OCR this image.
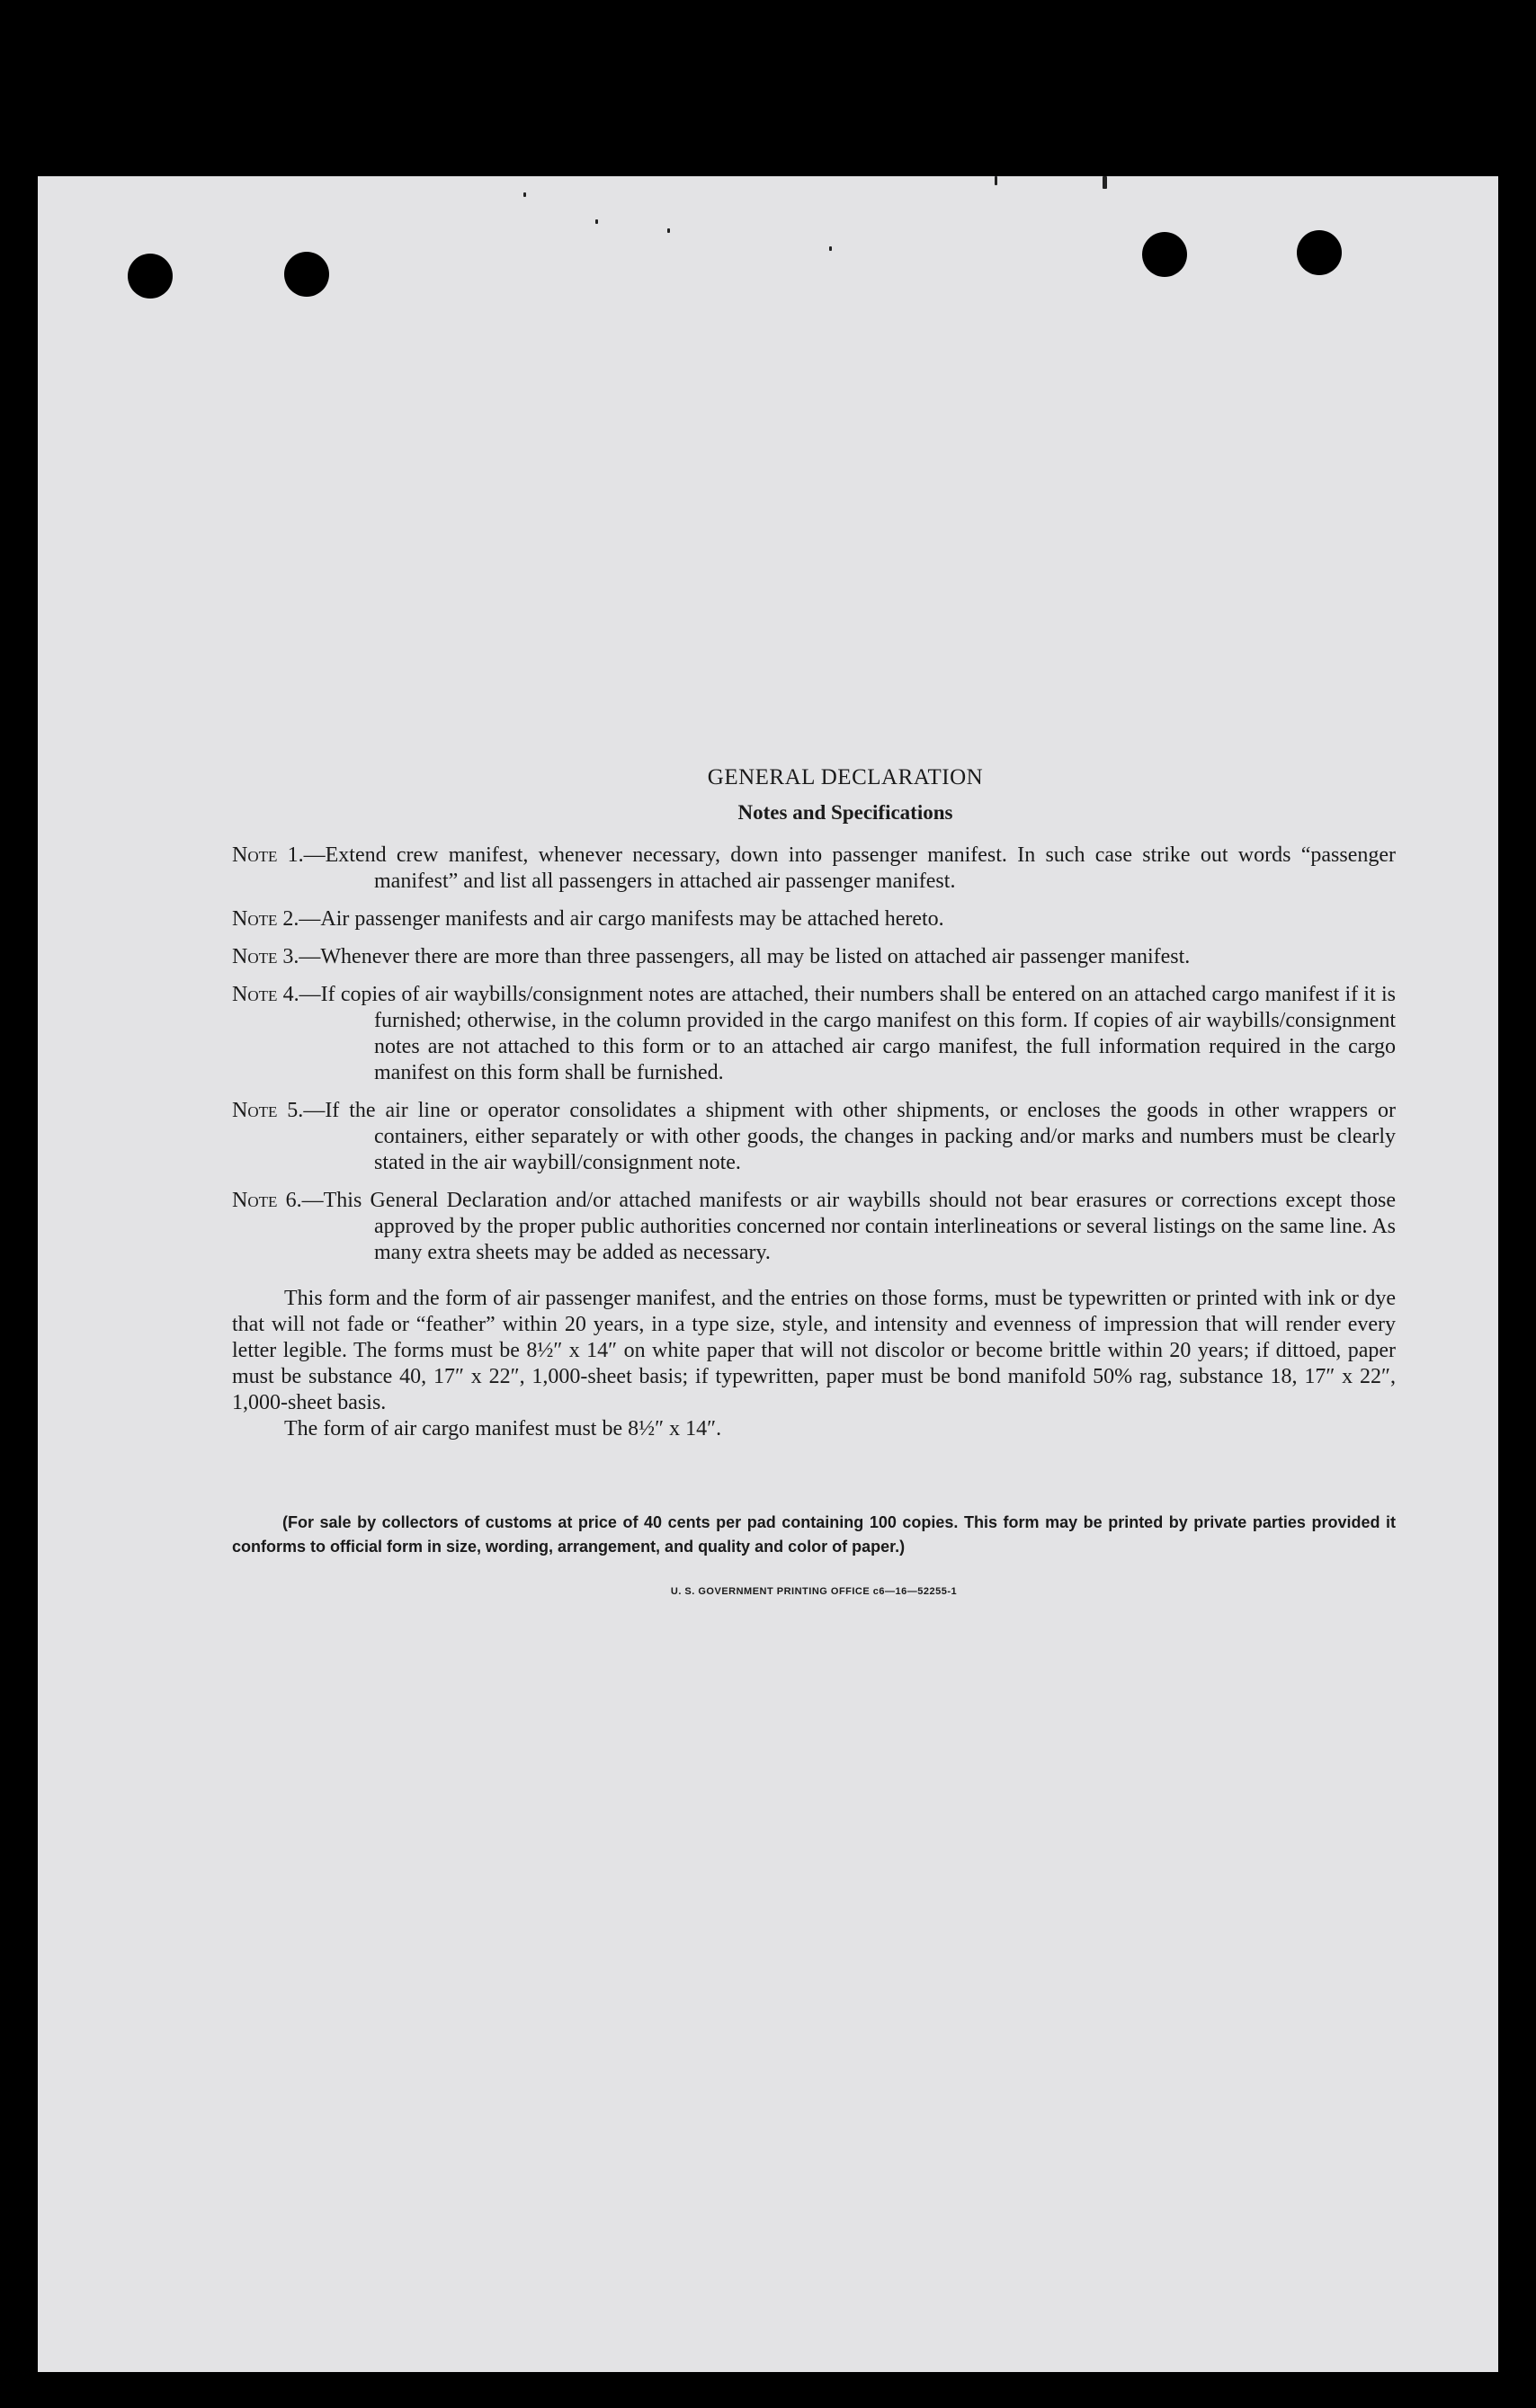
GENERAL DECLARATION
Notes and Specifications
Note 1.—Extend crew manifest, whenever necessary, down into passenger manifest. In such case strike out words “passenger manifest” and list all passengers in attached air passenger manifest.
Note 2.—Air passenger manifests and air cargo manifests may be attached hereto.
Note 3.—Whenever there are more than three passengers, all may be listed on attached air passenger manifest.
Note 4.—If copies of air waybills/consignment notes are attached, their numbers shall be entered on an attached cargo manifest if it is furnished; otherwise, in the column provided in the cargo manifest on this form. If copies of air waybills/consignment notes are not attached to this form or to an attached air cargo manifest, the full information required in the cargo manifest on this form shall be furnished.
Note 5.—If the air line or operator consolidates a shipment with other shipments, or encloses the goods in other wrappers or containers, either separately or with other goods, the changes in packing and/or marks and numbers must be clearly stated in the air waybill/consignment note.
Note 6.—This General Declaration and/or attached manifests or air waybills should not bear erasures or corrections except those approved by the proper public authorities concerned nor contain interlineations or several listings on the same line. As many extra sheets may be added as necessary.

This form and the form of air passenger manifest, and the entries on those forms, must be typewritten or printed with ink or dye that will not fade or “feather” within 20 years, in a type size, style, and intensity and evenness of impression that will render every letter legible. The forms must be 8½″ x 14″ on white paper that will not discolor or become brittle within 20 years; if dittoed, paper must be substance 40, 17″ x 22″, 1,000-sheet basis; if typewritten, paper must be bond manifold 50% rag, substance 18, 17″ x 22″, 1,000-sheet basis.

The form of air cargo manifest must be 8½″ x 14″.

(For sale by collectors of customs at price of 40 cents per pad containing 100 copies. This form may be printed by private parties provided it conforms to official form in size, wording, arrangement, and quality and color of paper.)

U. S. GOVERNMENT PRINTING OFFICE c6—16—52255-1
